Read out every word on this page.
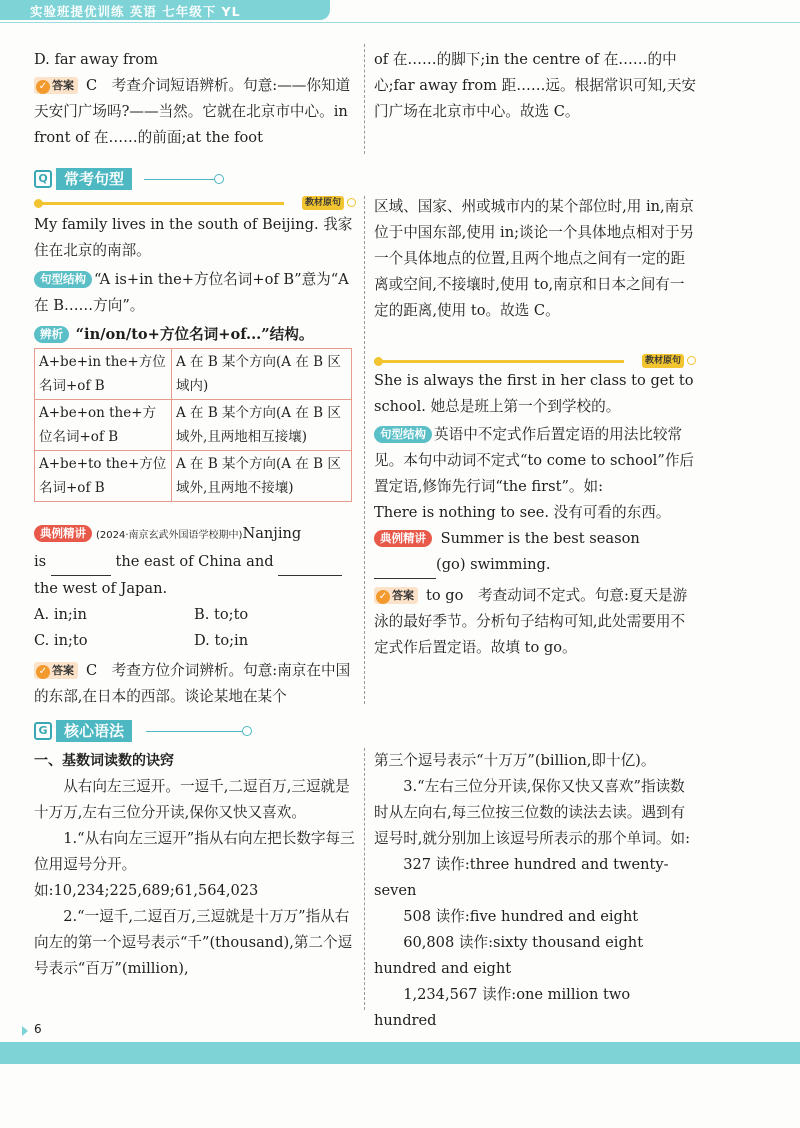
实验班提优训练 英语 七年级下 YL

D. far away from

✓ 答案 C　考查介词短语辨析。句意:——你知道天安门广场吗?——当然。它就在北京市中心。in front of 在……的前面;at the foot

of 在……的脚下;in the centre of 在……的中心;far away from 距……远。根据常识可知,天安门广场在北京市中心。故选 C。

Q	常考句型
教材原句

My family lives in the south of Beijing. 我家住在北京的南部。

句型结构 “A is+in the+方位名词+of B”意为“A 在 B……方向”。

辨析 “in/on/to+方位名词+of...”结构。

A+be+in the+方位名词+of B	A 在 B 某个方向(A 在 B 区域内)
A+be+on the+方位名词+of B	A 在 B 某个方向(A 在 B 区域外,且两地相互接壤)
A+be+to the+方位名词+of B	A 在 B 某个方向(A 在 B 区域外,且两地不接壤)

典例精讲 (2024·南京玄武外国语学校期中)Nanjing

is	the east of China and

the west of Japan.

A. in;in	B. to;to
C. in;to	D. to;in

✓ 答案 C　考查方位介词辨析。句意:南京在中国的东部,在日本的西部。谈论某地在某个

区域、国家、州或城市内的某个部位时,用 in,南京位于中国东部,使用 in;谈论一个具体地点相对于另一个具体地点的位置,且两个地点之间有一定的距离或空间,不接壤时,使用 to,南京和日本之间有一定的距离,使用 to。故选 C。

教材原句

She is always the first in her class to get to school. 她总是班上第一个到学校的。

句型结构 英语中不定式作后置定语的用法比较常见。本句中动词不定式“to come to school”作后置定语,修饰先行词“the first”。如:

There is nothing to see. 没有可看的东西。

典例精讲 Summer is the best season

(go) swimming.

✓ 答案 to go　考查动词不定式。句意:夏天是游泳的最好季节。分析句子结构可知,此处需要用不定式作后置定语。故填 to go。

G	核心语法

一、基数词读数的诀窍

从右向左三逗开。一逗千,二逗百万,三逗就是十万万,左右三位分开读,保你又快又喜欢。

1.“从右向左三逗开”指从右向左把长数字每三位用逗号分开。如:10,234;225,689;61,564,023

2.“一逗千,二逗百万,三逗就是十万万”指从右向左的第一个逗号表示“千”(thousand),第二个逗号表示“百万”(million),

第三个逗号表示“十万万”(billion,即十亿)。

3.“左右三位分开读,保你又快又喜欢”指读数时从左向右,每三位按三位数的读法去读。遇到有逗号时,就分别加上该逗号所表示的那个单词。如:

327 读作:three hundred and twenty-seven

508 读作:five hundred and eight

60,808 读作:sixty thousand eight hundred and eight

1,234,567 读作:one million two hundred

6
